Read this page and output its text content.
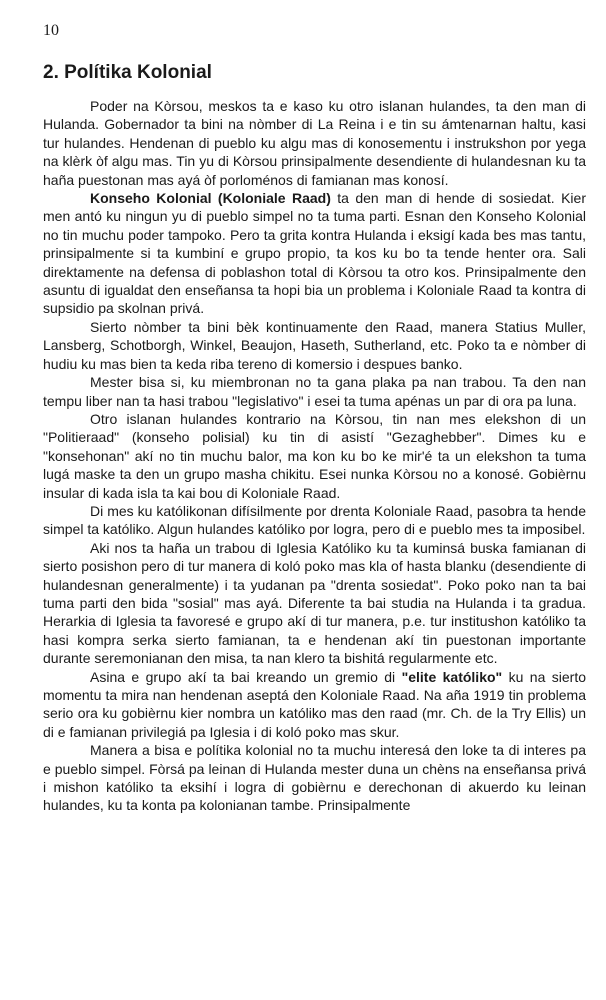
10
2. Polítika Kolonial

Poder na Kòrsou, meskos ta e kaso ku otro islanan hulandes, ta den man di Hulanda. Gobernador ta bini na nòmber di La Reina i e tin su ámtenarnan haltu, kasi tur hulandes. Hendenan di pueblo ku algu mas di konosementu i instrukshon por yega na klèrk òf algu mas. Tin yu di Kòrsou prinsipalmente desendiente di hulandesnan ku ta haña puestonan mas ayá òf porloménos di famianan mas konosí.

Konseho Kolonial (Koloniale Raad) ta den man di hende di sosiedat. Kier men antó ku ningun yu di pueblo simpel no ta tuma parti. Esnan den Konseho Kolonial no tin muchu poder tampoko. Pero ta grita kontra Hulanda i eksigí kada bes mas tantu, prinsipalmente si ta kumbiní e grupo propio, ta kos ku bo ta tende henter ora. Sali direktamente na defensa di poblashon total di Kòrsou ta otro kos. Prinsipalmente den asuntu di igualdat den enseñansa ta hopi bia un problema i Koloniale Raad ta kontra di supsidio pa skolnan privá.

Sierto nòmber ta bini bèk kontinuamente den Raad, manera Statius Muller, Lansberg, Schotborgh, Winkel, Beaujon, Haseth, Sutherland, etc. Poko ta e nòmber di hudiu ku mas bien ta keda riba tereno di komersio i despues banko.

Mester bisa si, ku miembronan no ta gana plaka pa nan trabou. Ta den nan tempu liber nan ta hasi trabou "legislativo" i esei ta tuma apénas un par di ora pa luna.

Otro islanan hulandes kontrario na Kòrsou, tin nan mes elekshon di un "Politieraad" (konseho polisial) ku tin di asistí "Gezaghebber". Dimes ku e "konsehonan" akí no tin muchu balor, ma kon ku bo ke mir'é ta un elekshon ta tuma lugá maske ta den un grupo masha chikitu. Esei nunka Kòrsou no a konosé. Gobièrnu insular di kada isla ta kai bou di Koloniale Raad.

Di mes ku katólikonan difísilmente por drenta Koloniale Raad, pasobra ta hende simpel ta katóliko. Algun hulandes katóliko por logra, pero di e pueblo mes ta imposibel.

Aki nos ta haña un trabou di Iglesia Katóliko ku ta kuminsá buska famianan di sierto posishon pero di tur manera di koló poko mas kla of hasta blanku (desendiente di hulandesnan generalmente) i ta yudanan pa "drenta sosiedat". Poko poko nan ta bai tuma parti den bida "sosial" mas ayá. Diferente ta bai studia na Hulanda i ta gradua. Herarkia di Iglesia ta favoresé e grupo akí di tur manera, p.e. tur institushon katóliko ta hasi kompra serka sierto famianan, ta e hendenan akí tin puestonan importante durante seremonianan den misa, ta nan klero ta bishitá regularmente etc.

Asina e grupo akí ta bai kreando un gremio di "elite katóliko" ku na sierto momentu ta mira nan hendenan aseptá den Koloniale Raad. Na aña 1919 tin problema serio ora ku gobièrnu kier nombra un katóliko mas den raad (mr. Ch. de la Try Ellis) un di e famianan privilegiá pa Iglesia i di koló poko mas skur.

Manera a bisa e polítika kolonial no ta muchu interesá den loke ta di interes pa e pueblo simpel. Fòrsá pa leinan di Hulanda mester duna un chèns na enseñansa privá i mishon katóliko ta eksihí i logra di gobièrnu e derechonan di akuerdo ku leinan hulandes, ku ta konta pa kolonianan tambe. Prinsipalmente
